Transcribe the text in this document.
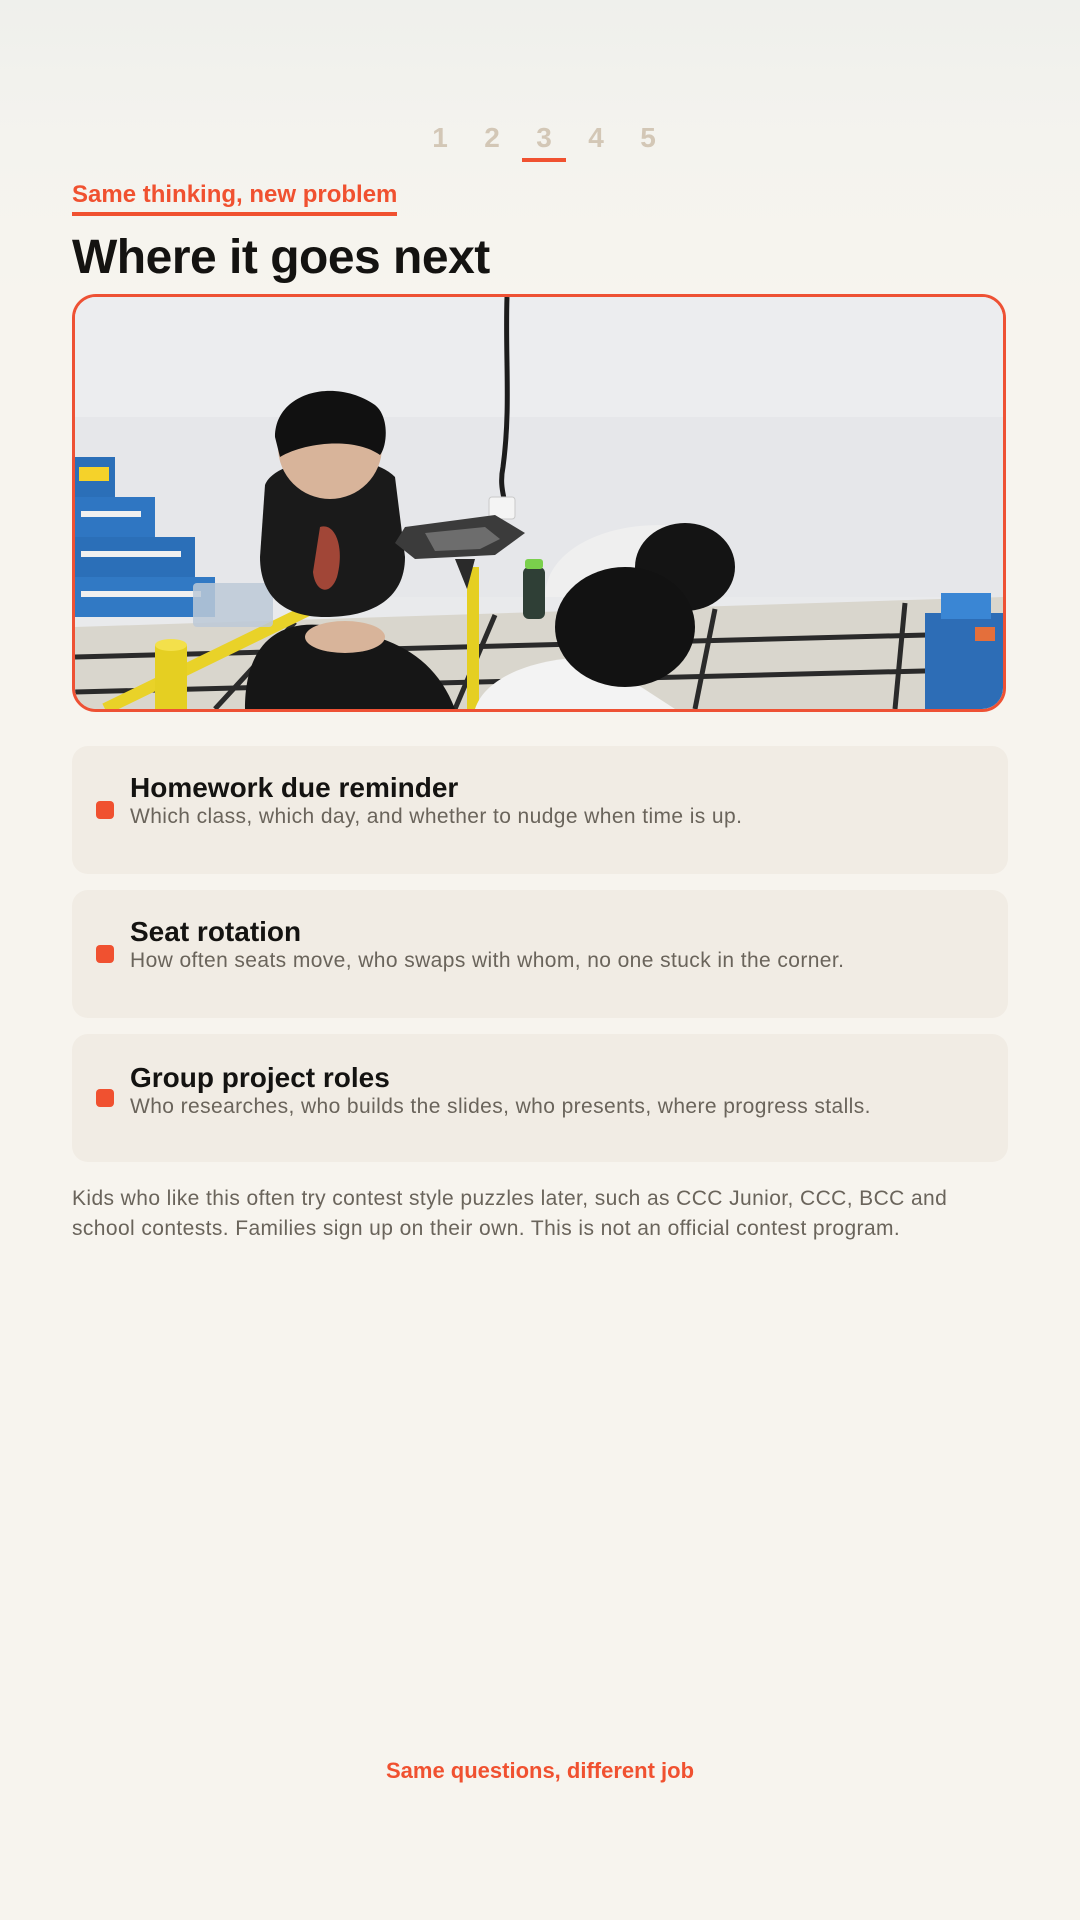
1 2 3 4 5
Same thinking, new problem
Where it goes next
Homework due reminder
Which class, which day, and whether to nudge when time is up.
Seat rotation
How often seats move, who swaps with whom, no one stuck in the corner.
Group project roles
Who researches, who builds the slides, who presents, where progress stalls.

Kids who like this often try contest style puzzles later, such as CCC Junior, CCC, BCC and school contests. Families sign up on their own. This is not an official contest program.

Same questions, different job
